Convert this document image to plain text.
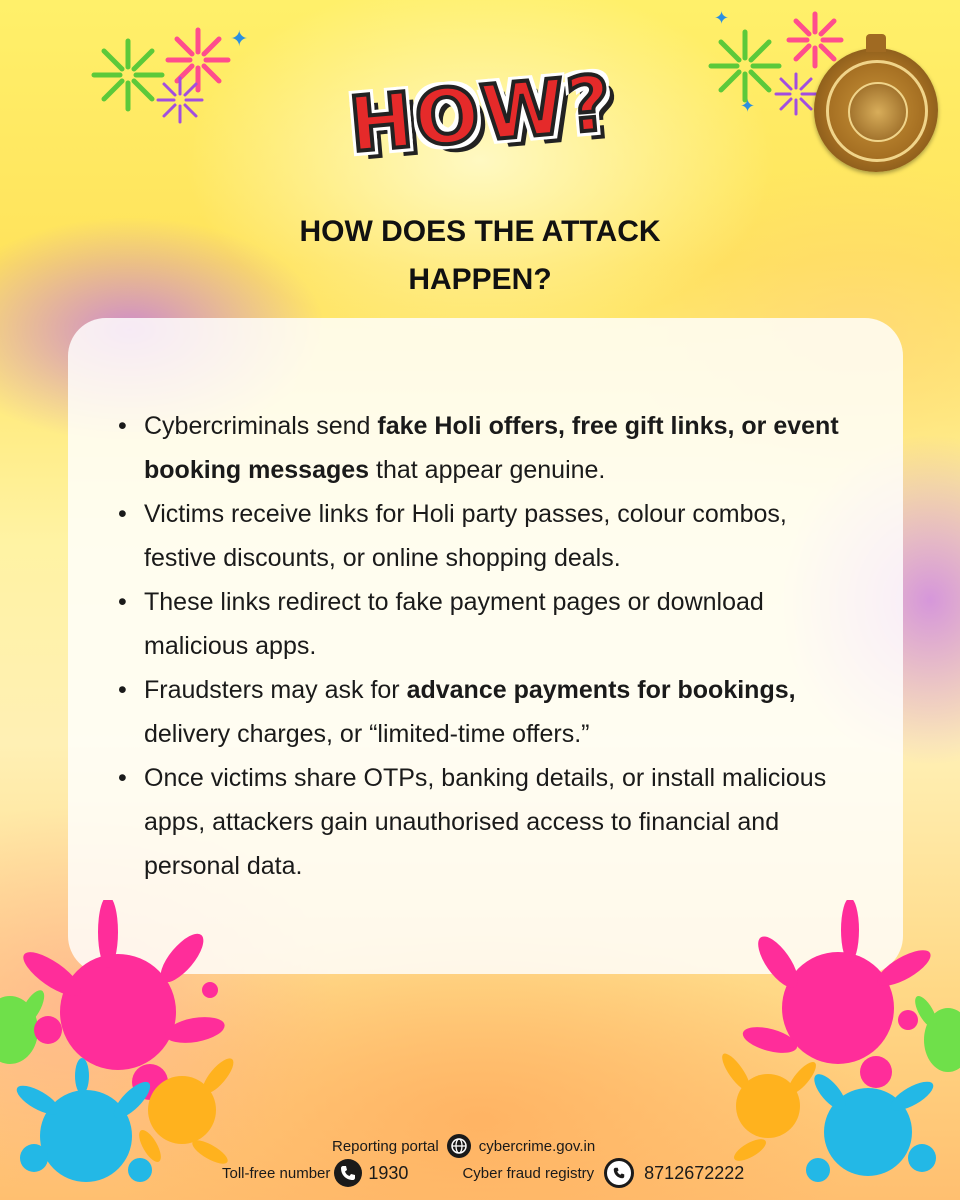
✦
✦
✦
HOW?
HOW DOES THE ATTACK
HAPPEN?
• Cybercriminals send fake Holi offers, free gift links, or event booking messages that appear genuine.
• Victims receive links for Holi party passes, colour combos, festive discounts, or online shopping deals.
• These links redirect to fake payment pages or download malicious apps.
• Fraudsters may ask for advance payments for bookings, delivery charges, or “limited-time offers.”
• Once victims share OTPs, banking details, or install malicious apps, attackers gain unauthorised access to financial and personal data.
Reporting portal	cybercrime.gov.in
Toll-free number 1930	Cyber fraud registry	8712672222
